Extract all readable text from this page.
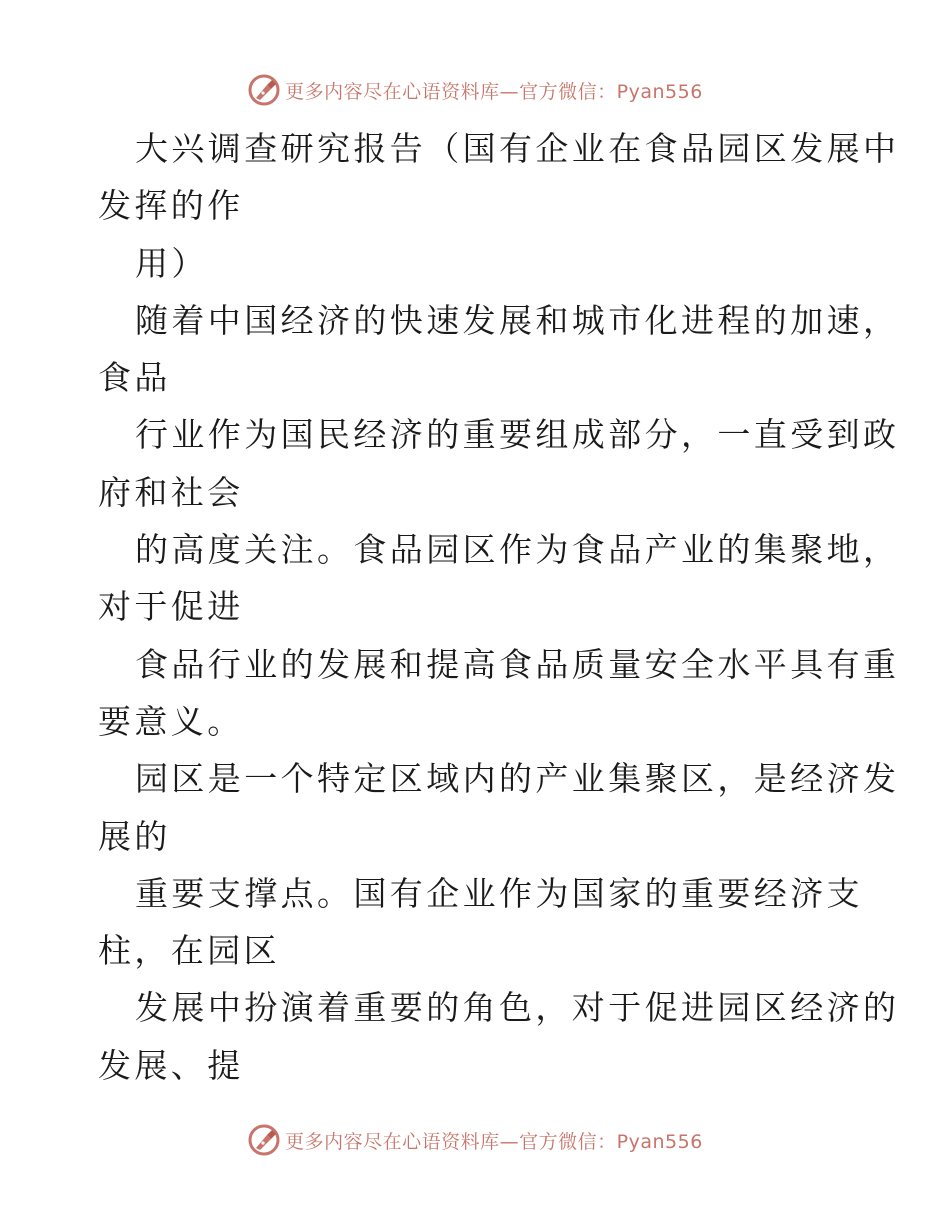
更多内容尽在心语资料库—官方微信：Pyan556
大兴调查研究报告（国有企业在食品园区发展中
发挥的作
用）
随着中国经济的快速发展和城市化进程的加速，
食品
行业作为国民经济的重要组成部分，一直受到政
府和社会
的高度关注。食品园区作为食品产业的集聚地，
对于促进
食品行业的发展和提高食品质量安全水平具有重
要意义。
园区是一个特定区域内的产业集聚区，是经济发
展的
重要支撑点。国有企业作为国家的重要经济支
柱，在园区
发展中扮演着重要的角色，对于促进园区经济的
发展、提
更多内容尽在心语资料库—官方微信：Pyan556
